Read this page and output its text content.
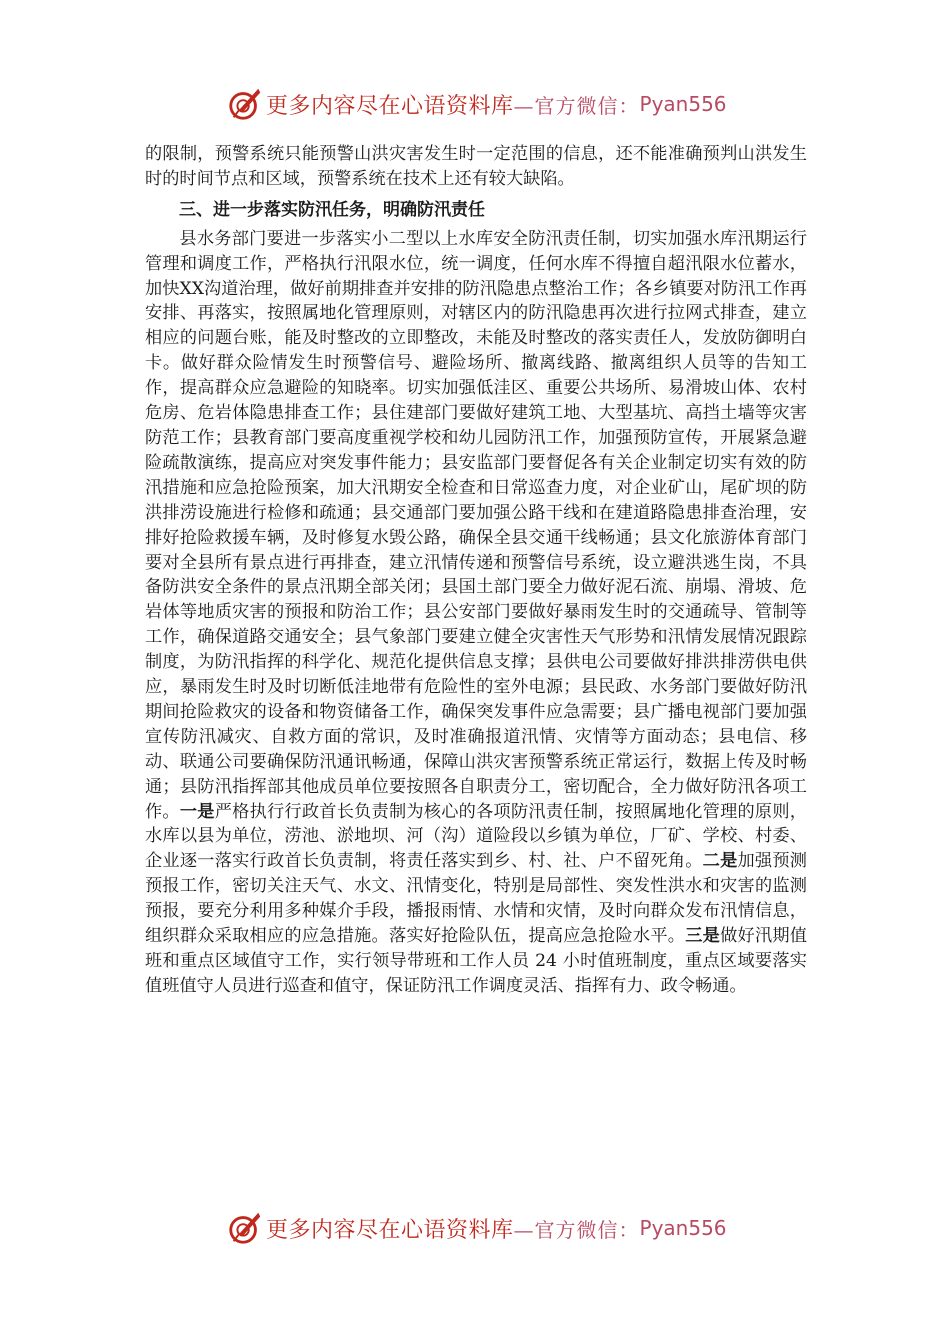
更多内容尽在心语资料库 —官方微信： Pyan556

的限制，预警系统只能预警山洪灾害发生时一定范围的信息，还不能准确预判山洪发生时的时间节点和区域，预警系统在技术上还有较大缺陷。

三、进一步落实防汛任务，明确防汛责任

县水务部门要进一步落实小二型以上水库安全防汛责任制，切实加强水库汛期运行管理和调度工作，严格执行汛限水位，统一调度，任何水库不得擅自超汛限水位蓄水，加快XX沟道治理，做好前期排查并安排的防汛隐患点整治工作；各乡镇要对防汛工作再安排、再落实，按照属地化管理原则，对辖区内的防汛隐患再次进行拉网式排查，建立相应的问题台账，能及时整改的立即整改，未能及时整改的落实责任人，发放防御明白卡。做好群众险情发生时预警信号、避险场所、撤离线路、撤离组织人员等的告知工作，提高群众应急避险的知晓率。切实加强低洼区、重要公共场所、易滑坡山体、农村危房、危岩体隐患排查工作；县住建部门要做好建筑工地、大型基坑、高挡土墙等灾害防范工作；县教育部门要高度重视学校和幼儿园防汛工作，加强预防宣传，开展紧急避险疏散演练，提高应对突发事件能力；县安监部门要督促各有关企业制定切实有效的防汛措施和应急抢险预案，加大汛期安全检查和日常巡查力度，对企业矿山，尾矿坝的防洪排涝设施进行检修和疏通；县交通部门要加强公路干线和在建道路隐患排查治理，安排好抢险救援车辆，及时修复水毁公路，确保全县交通干线畅通；县文化旅游体育部门要对全县所有景点进行再排查，建立汛情传递和预警信号系统，设立避洪逃生岗，不具备防洪安全条件的景点汛期全部关闭；县国土部门要全力做好泥石流、崩塌、滑坡、危岩体等地质灾害的预报和防治工作；县公安部门要做好暴雨发生时的交通疏导、管制等工作，确保道路交通安全；县气象部门要建立健全灾害性天气形势和汛情发展情况跟踪制度，为防汛指挥的科学化、规范化提供信息支撑；县供电公司要做好排洪排涝供电供应，暴雨发生时及时切断低洼地带有危险性的室外电源；县民政、水务部门要做好防汛期间抢险救灾的设备和物资储备工作，确保突发事件应急需要；县广播电视部门要加强宣传防汛减灾、自救方面的常识，及时准确报道汛情、灾情等方面动态；县电信、移动、联通公司要确保防汛通讯畅通，保障山洪灾害预警系统正常运行，数据上传及时畅通；县防汛指挥部其他成员单位要按照各自职责分工，密切配合，全力做好防汛各项工作。一是严格执行行政首长负责制为核心的各项防汛责任制，按照属地化管理的原则，水库以县为单位，涝池、淤地坝、河（沟）道险段以乡镇为单位，厂矿、学校、村委、企业逐一落实行政首长负责制，将责任落实到乡、村、社、户不留死角。二是加强预测预报工作，密切关注天气、水文、汛情变化，特别是局部性、突发性洪水和灾害的监测预报，要充分利用多种媒介手段，播报雨情、水情和灾情，及时向群众发布汛情信息，组织群众采取相应的应急措施。落实好抢险队伍，提高应急抢险水平。三是做好汛期值班和重点区域值守工作，实行领导带班和工作人员 24 小时值班制度，重点区域要落实值班值守人员进行巡查和值守，保证防汛工作调度灵活、指挥有力、政令畅通。

更多内容尽在心语资料库 —官方微信： Pyan556
